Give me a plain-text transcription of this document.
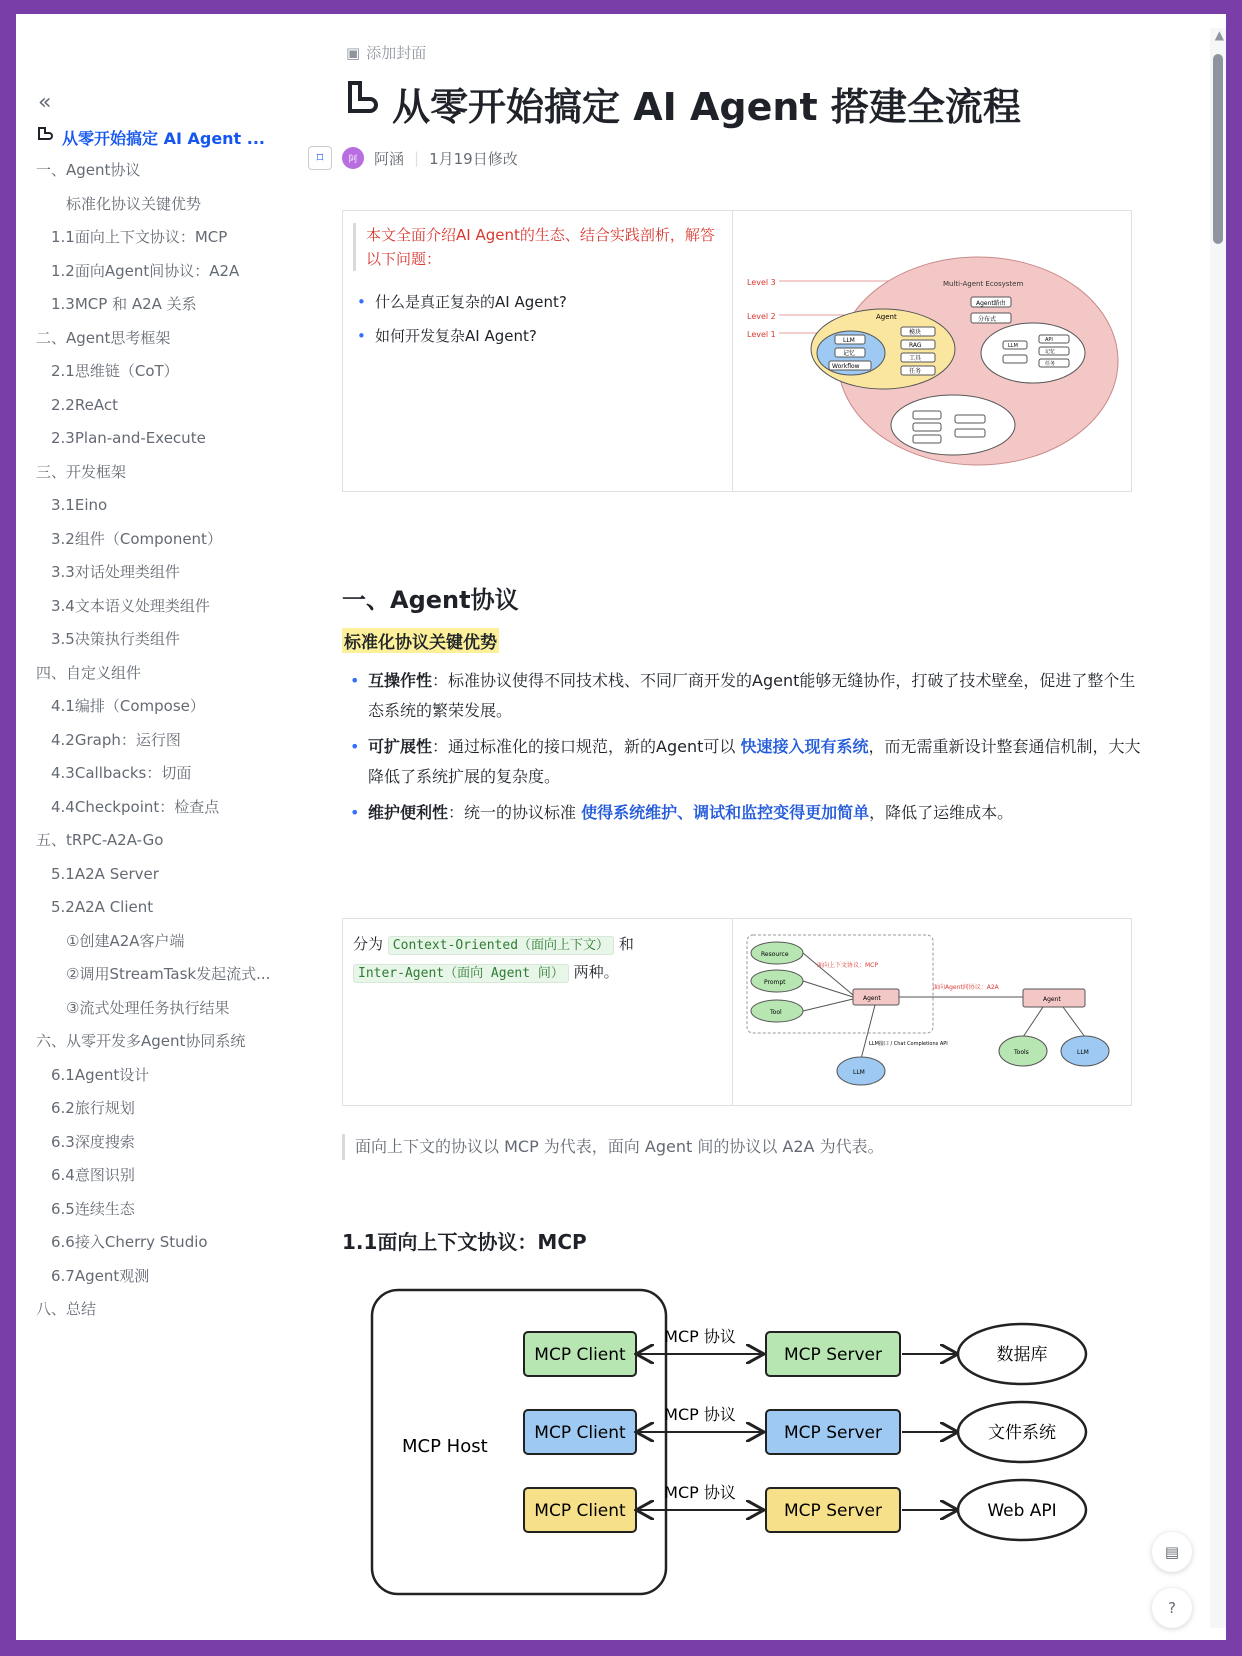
«
从零开始搞定 AI Agent ...
一、Agent协议
标准化协议关键优势
1.1面向上下文协议：MCP
1.2面向Agent间协议：A2A
1.3MCP 和 A2A 关系
二、Agent思考框架
2.1思维链（CoT）
2.2ReAct
2.3Plan-and-Execute
三、开发框架
3.1Eino
3.2组件（Component）
3.3对话处理类组件
3.4文本语义处理类组件
3.5决策执行类组件
四、自定义组件
4.1编排（Compose）
4.2Graph：运行图
4.3Callbacks：切面
4.4Checkpoint：检查点
五、tRPC-A2A-Go
5.1A2A Server
5.2A2A Client
①创建A2A客户端
②调用StreamTask发起流式...
③流式处理任务执行结果
六、从零开发多Agent协同系统
6.1Agent设计
6.2旅行规划
6.3深度搜索
6.4意图识别
6.5连续生态
6.6接入Cherry Studio
6.7Agent观测
八、总结
▣ 添加封面
从零开始搞定 AI Agent 搭建全流程
⌑	阿	阿涵 | 1月19日修改
本文全面介绍AI Agent的生态、结合实践剖析，解答以下问题：
• 什么是真正复杂的AI Agent?
• 如何开发复杂AI Agent?
Level 3
Level 2
Level 1
Multi-Agent Ecosystem
Agent路由
分布式
Agent
LLM
记忆
Workflow
模块
RAG
工具
任务
LLM
API
记忆
任务
一、Agent协议
标准化协议关键优势
• 互操作性：标准协议使得不同技术栈、不同厂商开发的Agent能够无缝协作，打破了技术壁垒，促进了整个生态系统的繁荣发展。
• 可扩展性：通过标准化的接口规范，新的Agent可以 快速接入现有系统，而无需重新设计整套通信机制，大大降低了系统扩展的复杂度。
• 维护便利性：统一的协议标准 使得系统维护、调试和监控变得更加简单，降低了运维成本。
分为 Context-Oriented（面向上下文） 和
Inter-Agent（面向 Agent 间） 两种。
Resource
Prompt
Tool
面向上下文协议：MCP
Agent
面向Agent间协议：A2A
Agent
LLM接口 / Chat Completions API
LLM
Tools	LLM
面向上下文的协议以 MCP 为代表，面向 Agent 间的协议以 A2A 为代表。
1.1面向上下文协议：MCP
MCP Host
MCP Client
MCP 协议
MCP Server	数据库
MCP Client
MCP 协议
MCP Server	文件系统
MCP Client
MCP 协议
MCP Server	Web API
▲
▤
?
